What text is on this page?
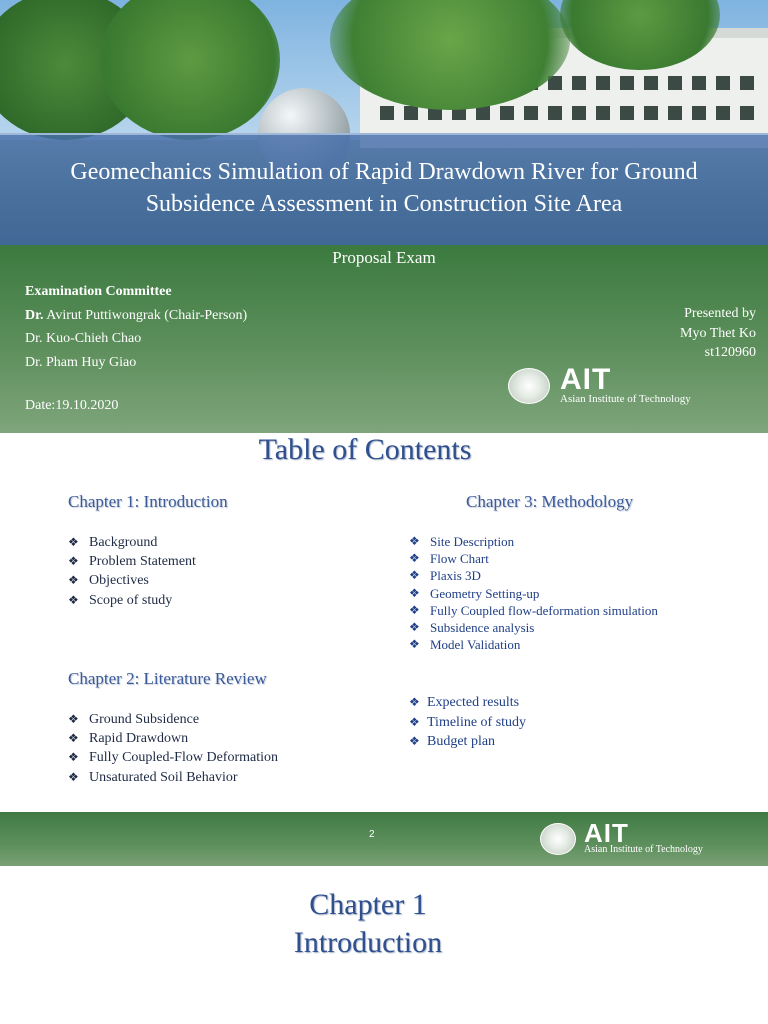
Geomechanics Simulation of Rapid Drawdown River for Ground
Subsidence Assessment in Construction Site Area
Proposal Exam
Examination Committee
Dr. Avirut Puttiwongrak (Chair-Person)
Dr. Kuo-Chieh Chao
Dr. Pham Huy Giao
Date:19.10.2020
Presented by
Myo Thet Ko
st120960
AIT
Asian Institute of Technology
Table of Contents
Chapter 1: Introduction
❖ Background
❖ Problem Statement
❖ Objectives
❖ Scope of study
Chapter 2: Literature Review
❖ Ground Subsidence
❖ Rapid Drawdown
❖ Fully Coupled-Flow Deformation
❖ Unsaturated Soil Behavior
Chapter 3: Methodology
❖ Site Description
❖ Flow Chart
❖ Plaxis 3D
❖ Geometry Setting-up
❖ Fully Coupled flow-deformation simulation
❖ Subsidence analysis
❖ Model Validation
❖ Expected results
❖ Timeline of study
❖ Budget plan
2	AIT
Asian Institute of Technology
Chapter 1
Introduction
